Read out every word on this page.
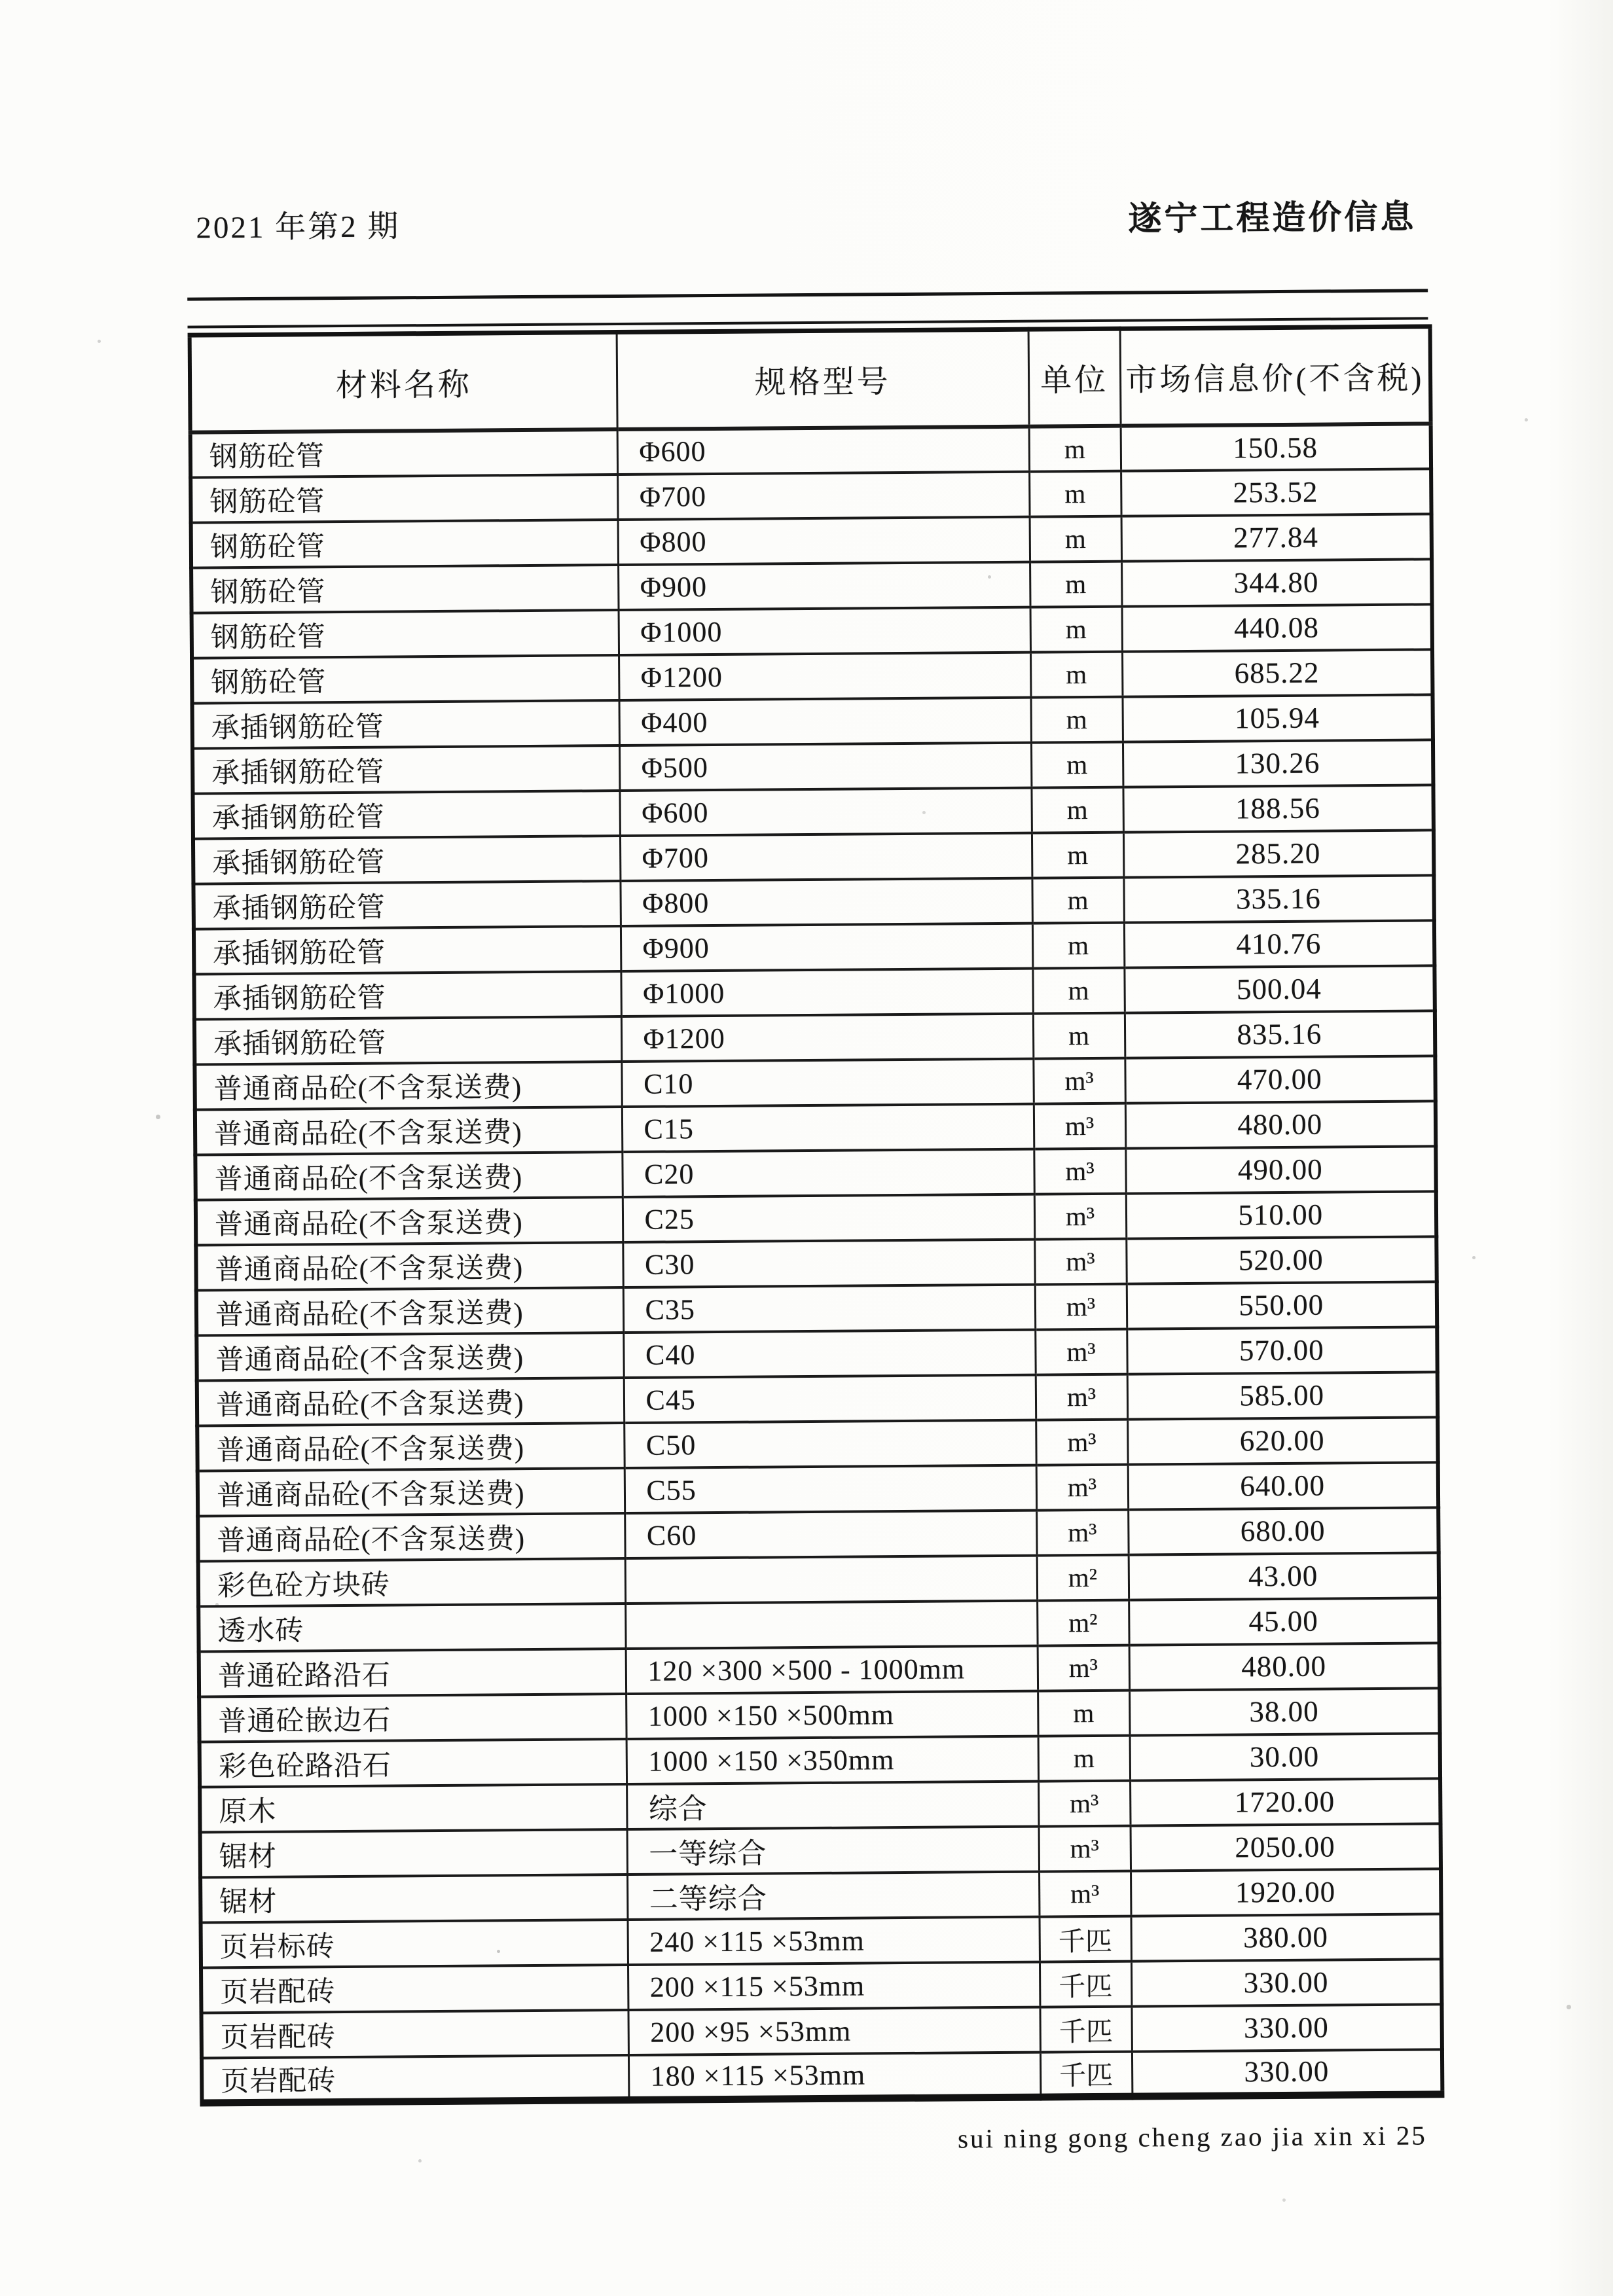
2021 年第2 期	遂宁工程造价信息
材料名称	规格型号	单位	市场信息价(不含税)
钢筋砼管	Φ600	m	150.58
钢筋砼管	Φ700	m	253.52
钢筋砼管	Φ800	m	277.84
钢筋砼管	Φ900	m	344.80
钢筋砼管	Φ1000	m	440.08
钢筋砼管	Φ1200	m	685.22
承插钢筋砼管	Φ400	m	105.94
承插钢筋砼管	Φ500	m	130.26
承插钢筋砼管	Φ600	m	188.56
承插钢筋砼管	Φ700	m	285.20
承插钢筋砼管	Φ800	m	335.16
承插钢筋砼管	Φ900	m	410.76
承插钢筋砼管	Φ1000	m	500.04
承插钢筋砼管	Φ1200	m	835.16
普通商品砼(不含泵送费)	C10	m³	470.00
普通商品砼(不含泵送费)	C15	m³	480.00
普通商品砼(不含泵送费)	C20	m³	490.00
普通商品砼(不含泵送费)	C25	m³	510.00
普通商品砼(不含泵送费)	C30	m³	520.00
普通商品砼(不含泵送费)	C35	m³	550.00
普通商品砼(不含泵送费)	C40	m³	570.00
普通商品砼(不含泵送费)	C45	m³	585.00
普通商品砼(不含泵送费)	C50	m³	620.00
普通商品砼(不含泵送费)	C55	m³	640.00
普通商品砼(不含泵送费)	C60	m³	680.00
彩色砼方块砖		m²	43.00
透水砖		m²	45.00
普通砼路沿石	120 ×300 ×500 - 1000mm	m³	480.00
普通砼嵌边石	1000 ×150 ×500mm	m	38.00
彩色砼路沿石	1000 ×150 ×350mm	m	30.00
原木	综合	m³	1720.00
锯材	一等综合	m³	2050.00
锯材	二等综合	m³	1920.00
页岩标砖	240 ×115 ×53mm	千匹	380.00
页岩配砖	200 ×115 ×53mm	千匹	330.00
页岩配砖	200 ×95 ×53mm	千匹	330.00
页岩配砖	180 ×115 ×53mm	千匹	330.00
sui ning gong cheng zao jia xin xi 25
